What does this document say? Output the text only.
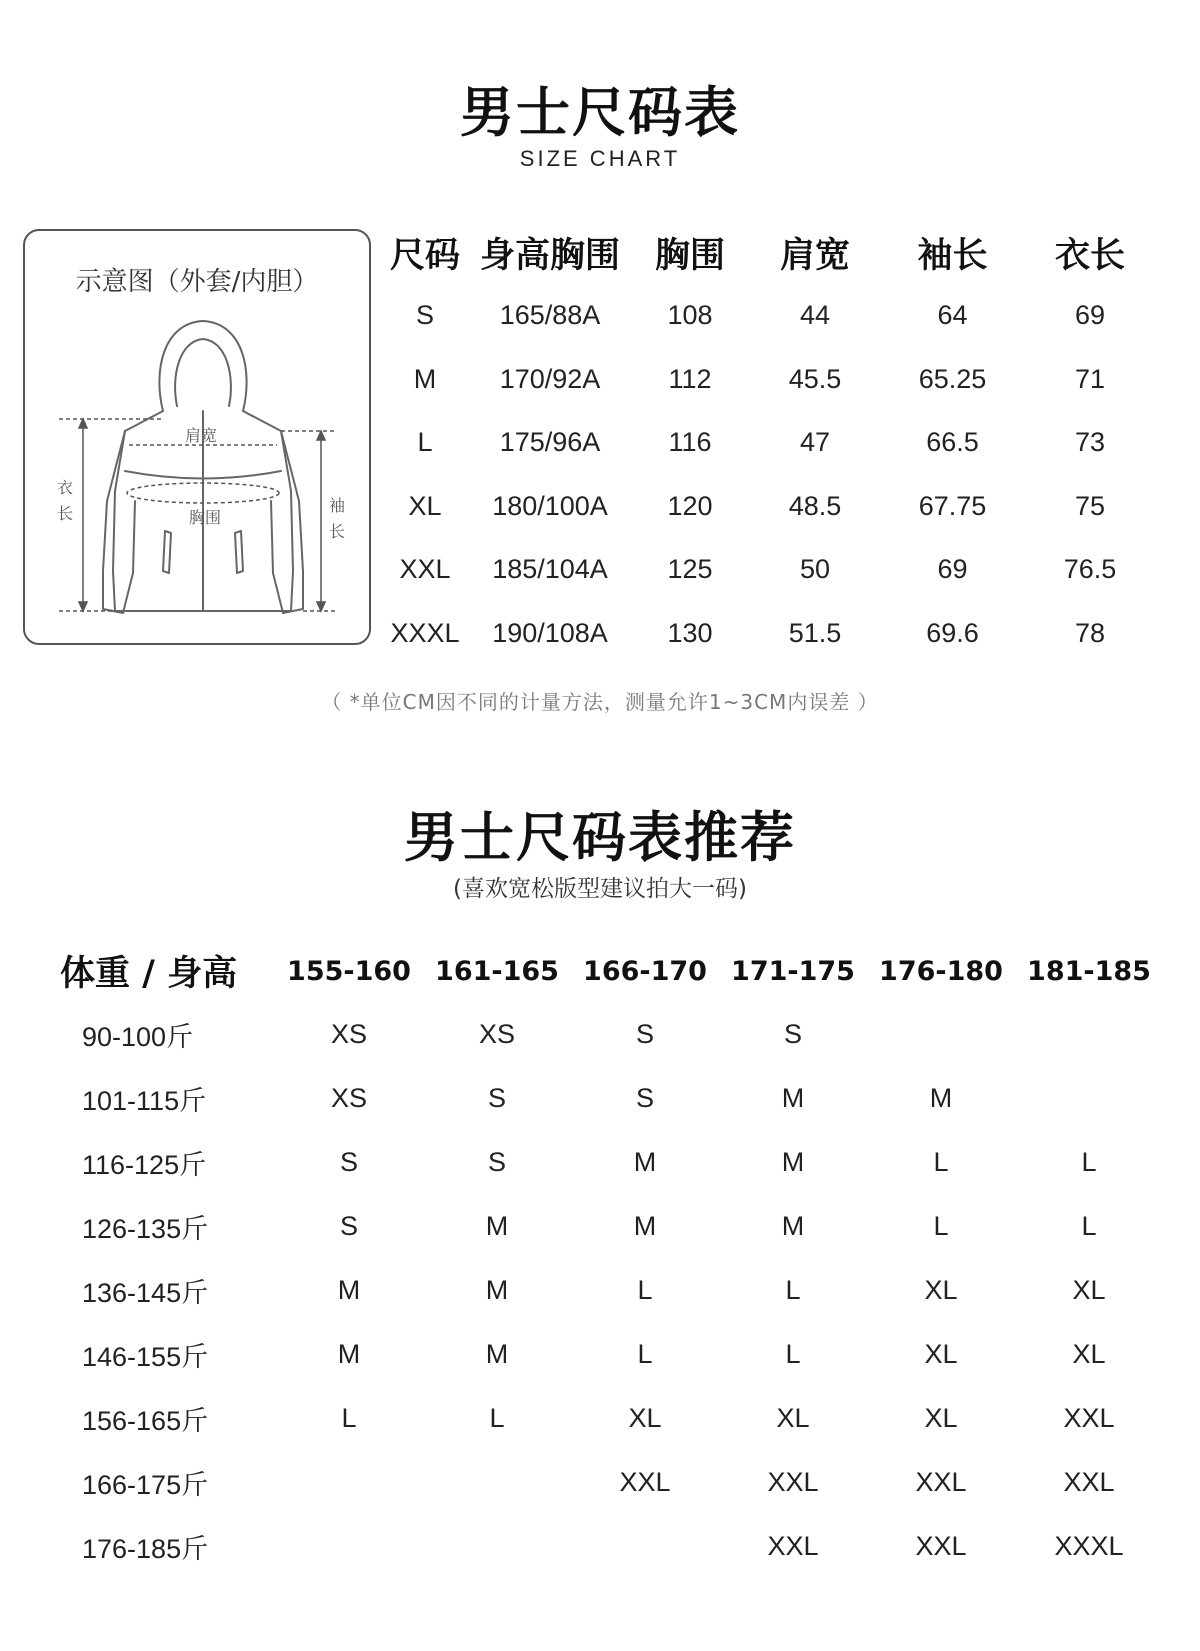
男士尺码表
SIZE CHART
示意图（外套/内胆）
肩宽
胸围
衣
长	袖
长
尺码	身高胸围	胸围	肩宽	袖长	衣长
S	165/88A	108	44	64	69
M	170/92A	112	45.5	65.25	71
L	175/96A	116	47	66.5	73
XL	180/100A	120	48.5	67.75	75
XXL	185/104A	125	50	69	76.5
XXXL	190/108A	130	51.5	69.6	78
（ *单位CM因不同的计量方法，测量允许1~3CM内误差 ）
男士尺码表推荐
(喜欢宽松版型建议拍大一码)
体重 / 身高	155-160	161-165	166-170	171-175	176-180	181-185
90-100斤	XS	XS	S	S		
101-115斤	XS	S	S	M	M	
116-125斤	S	S	M	M	L	L
126-135斤	S	M	M	M	L	L
136-145斤	M	M	L	L	XL	XL
146-155斤	M	M	L	L	XL	XL
156-165斤	L	L	XL	XL	XL	XXL
166-175斤			XXL	XXL	XXL	XXL
176-185斤				XXL	XXL	XXXL
